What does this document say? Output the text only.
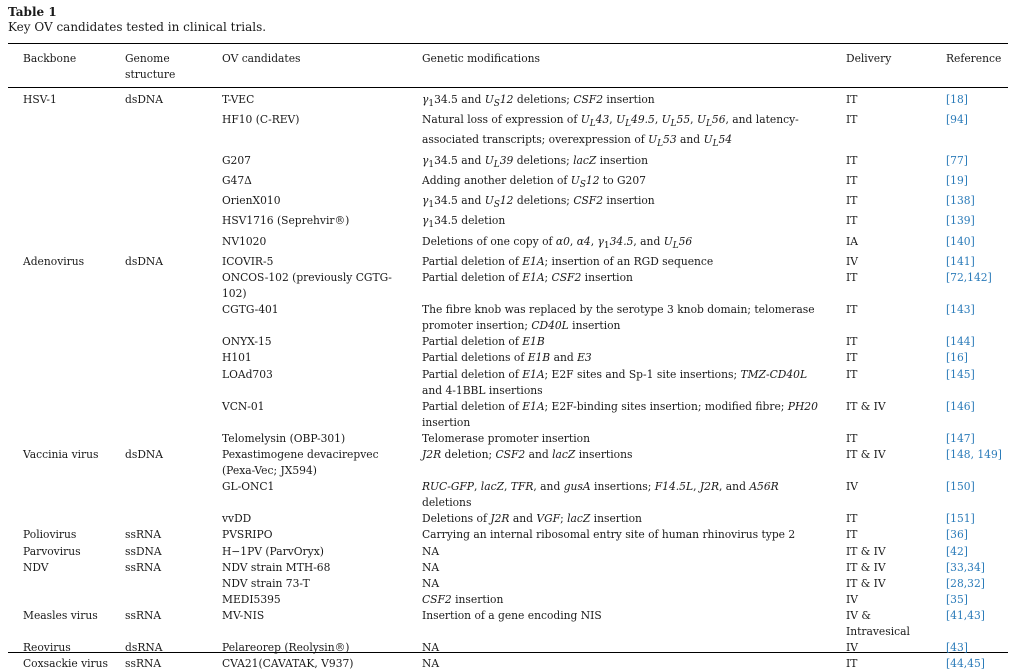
Table 1
Key OV candidates tested in clinical trials.
Backbone	Genome structure	OV candidates	Genetic modifications	Delivery	Reference
HSV-1	dsDNA	T-VEC	$\gamma_134.5$ and $U_S12$ deletions; CSF2 insertion	IT	[18]
		HF10 (C-REV)	Natural loss of expression of $U_L43$, $U_L49.5$, $U_L55$, $U_L56$, and latency-associated transcripts; overexpression of $U_L53$ and $U_L54$	IT	[94]
		G207	$\gamma_134.5$ and $U_L39$ deletions; lacZ insertion	IT	[77]
		G47Δ	Adding another deletion of $U_S12$ to G207	IT	[19]
		OrienX010	$\gamma_134.5$ and $U_S12$ deletions; CSF2 insertion	IT	[138]
		HSV1716 (Seprehvir®)	$\gamma_134.5$ deletion	IT	[139]
		NV1020	Deletions of one copy of α0, α4, $\gamma_134.5$, and $U_L56$	IA	[140]
Adenovirus	dsDNA	ICOVIR-5	Partial deletion of E1A; insertion of an RGD sequence	IV	[141]
		ONCOS-102 (previously CGTG-102)	Partial deletion of E1A; CSF2 insertion	IT	[72,142]
		CGTG-401	The fibre knob was replaced by the serotype 3 knob domain; telomerase promoter insertion; CD40L insertion	IT	[143]
		ONYX-15	Partial deletion of E1B	IT	[144]
		H101	Partial deletions of E1B and E3	IT	[16]
		LOAd703	Partial deletion of E1A; E2F sites and Sp-1 site insertions; TMZ-CD40L and 4-1BBL insertions	IT	[145]
		VCN-01	Partial deletion of E1A; E2F-binding sites insertion; modified fibre; PH20 insertion	IT & IV	[146]
		Telomelysin (OBP-301)	Telomerase promoter insertion	IT	[147]
Vaccinia virus	dsDNA	Pexastimogene devacirepvec (Pexa-Vec; JX594)	J2R deletion; CSF2 and lacZ insertions	IT & IV	[148, 149]
		GL-ONC1	RUC-GFP, lacZ, TFR, and gusA insertions; F14.5L, J2R, and A56R deletions	IV	[150]
		vvDD	Deletions of J2R and VGF; lacZ insertion	IT	[151]
Poliovirus	ssRNA	PVSRIPO	Carrying an internal ribosomal entry site of human rhinovirus type 2	IT	[36]
Parvovirus	ssDNA	H−1PV (ParvOryx)	NA	IT & IV	[42]
NDV	ssRNA	NDV strain MTH-68	NA	IT & IV	[33,34]
		NDV strain 73-T	NA	IT & IV	[28,32]
		MEDI5395	CSF2 insertion	IV	[35]
Measles virus	ssRNA	MV-NIS	Insertion of a gene encoding NIS	IV & Intravesical	[41,43]
Reovirus	dsRNA	Pelareorep (Reolysin®)	NA	IV	[43]
Coxsackie virus	ssRNA	CVA21(CAVATAK, V937)	NA	IT	[44,45]
